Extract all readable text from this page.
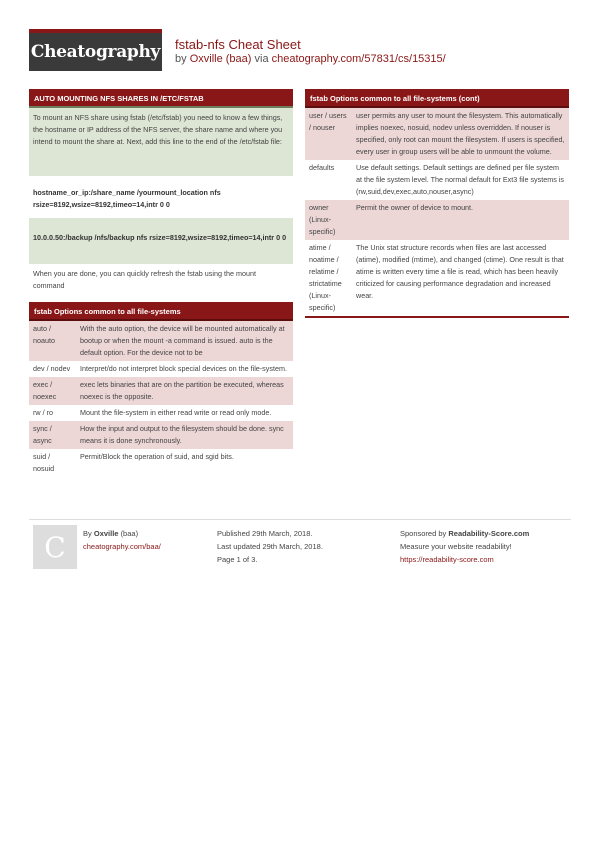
Cheatography fstab-nfs Cheat Sheet
by Oxville (baa) via cheatography.com/57831/cs/15315/
AUTO MOUNTING NFS SHARES IN /ETC/FSTAB
To mount an NFS share using fstab (/etc/fstab) you need to know a few things, the hostname or IP address of the NFS server, the share name and where you intend to mount the share at. Next, add this line to the end of the /etc/fstab file:
hostname_or_ip:/share_name /yourmount_location nfs rsize=8192,wsize=8192,timeo=14,intr 0 0
10.0.0.50:/backup /nfs/backup nfs rsize=8192,wsize=8192,timeo=14,intr 0 0
When you are done, you can quickly refresh the fstab using the mount command
fstab Options common to all file-systems
auto / noauto	With the auto option, the device will be mounted automatically at bootup or when the mount -a command is issued. auto is the default option. For the device not to be
dev / nodev	Interpret/do not interpret block special devices on the file-system.
exec / noexec	exec lets binaries that are on the partition be executed, whereas noexec is the opposite.
rw / ro	Mount the file-system in either read write or read only mode.
sync / async	How the input and output to the filesystem should be done. sync means it is done synchronously.
suid / nosuid	Permit/Block the operation of suid, and sgid bits.
fstab Options common to all file-systems (cont)
user / users / nouser	user permits any user to mount the filesystem. This automatically implies noexec, nosuid, nodev unless overridden. If nouser is specified, only root can mount the filesystem. If users is specified, every user in group users will be able to unmount the volume.
defaults	Use default settings. Default settings are defined per file system at the file system level. The normal default for Ext3 file systems is (rw,suid,dev,exec,auto,nouser,async)
owner (Linux-specific)	Permit the owner of device to mount.
atime / noatime / relatime / strictatime (Linux-specific)	The Unix stat structure records when files are last accessed (atime), modified (mtime), and changed (ctime). One result is that atime is written every time a file is read, which has been heavily criticized for causing performance degradation and increased wear.
C By Oxville (baa)
cheatography.com/baa/
Published 29th March, 2018.
Last updated 29th March, 2018.
Page 1 of 3.
Sponsored by Readability-Score.com
Measure your website readability!
https://readability-score.com
